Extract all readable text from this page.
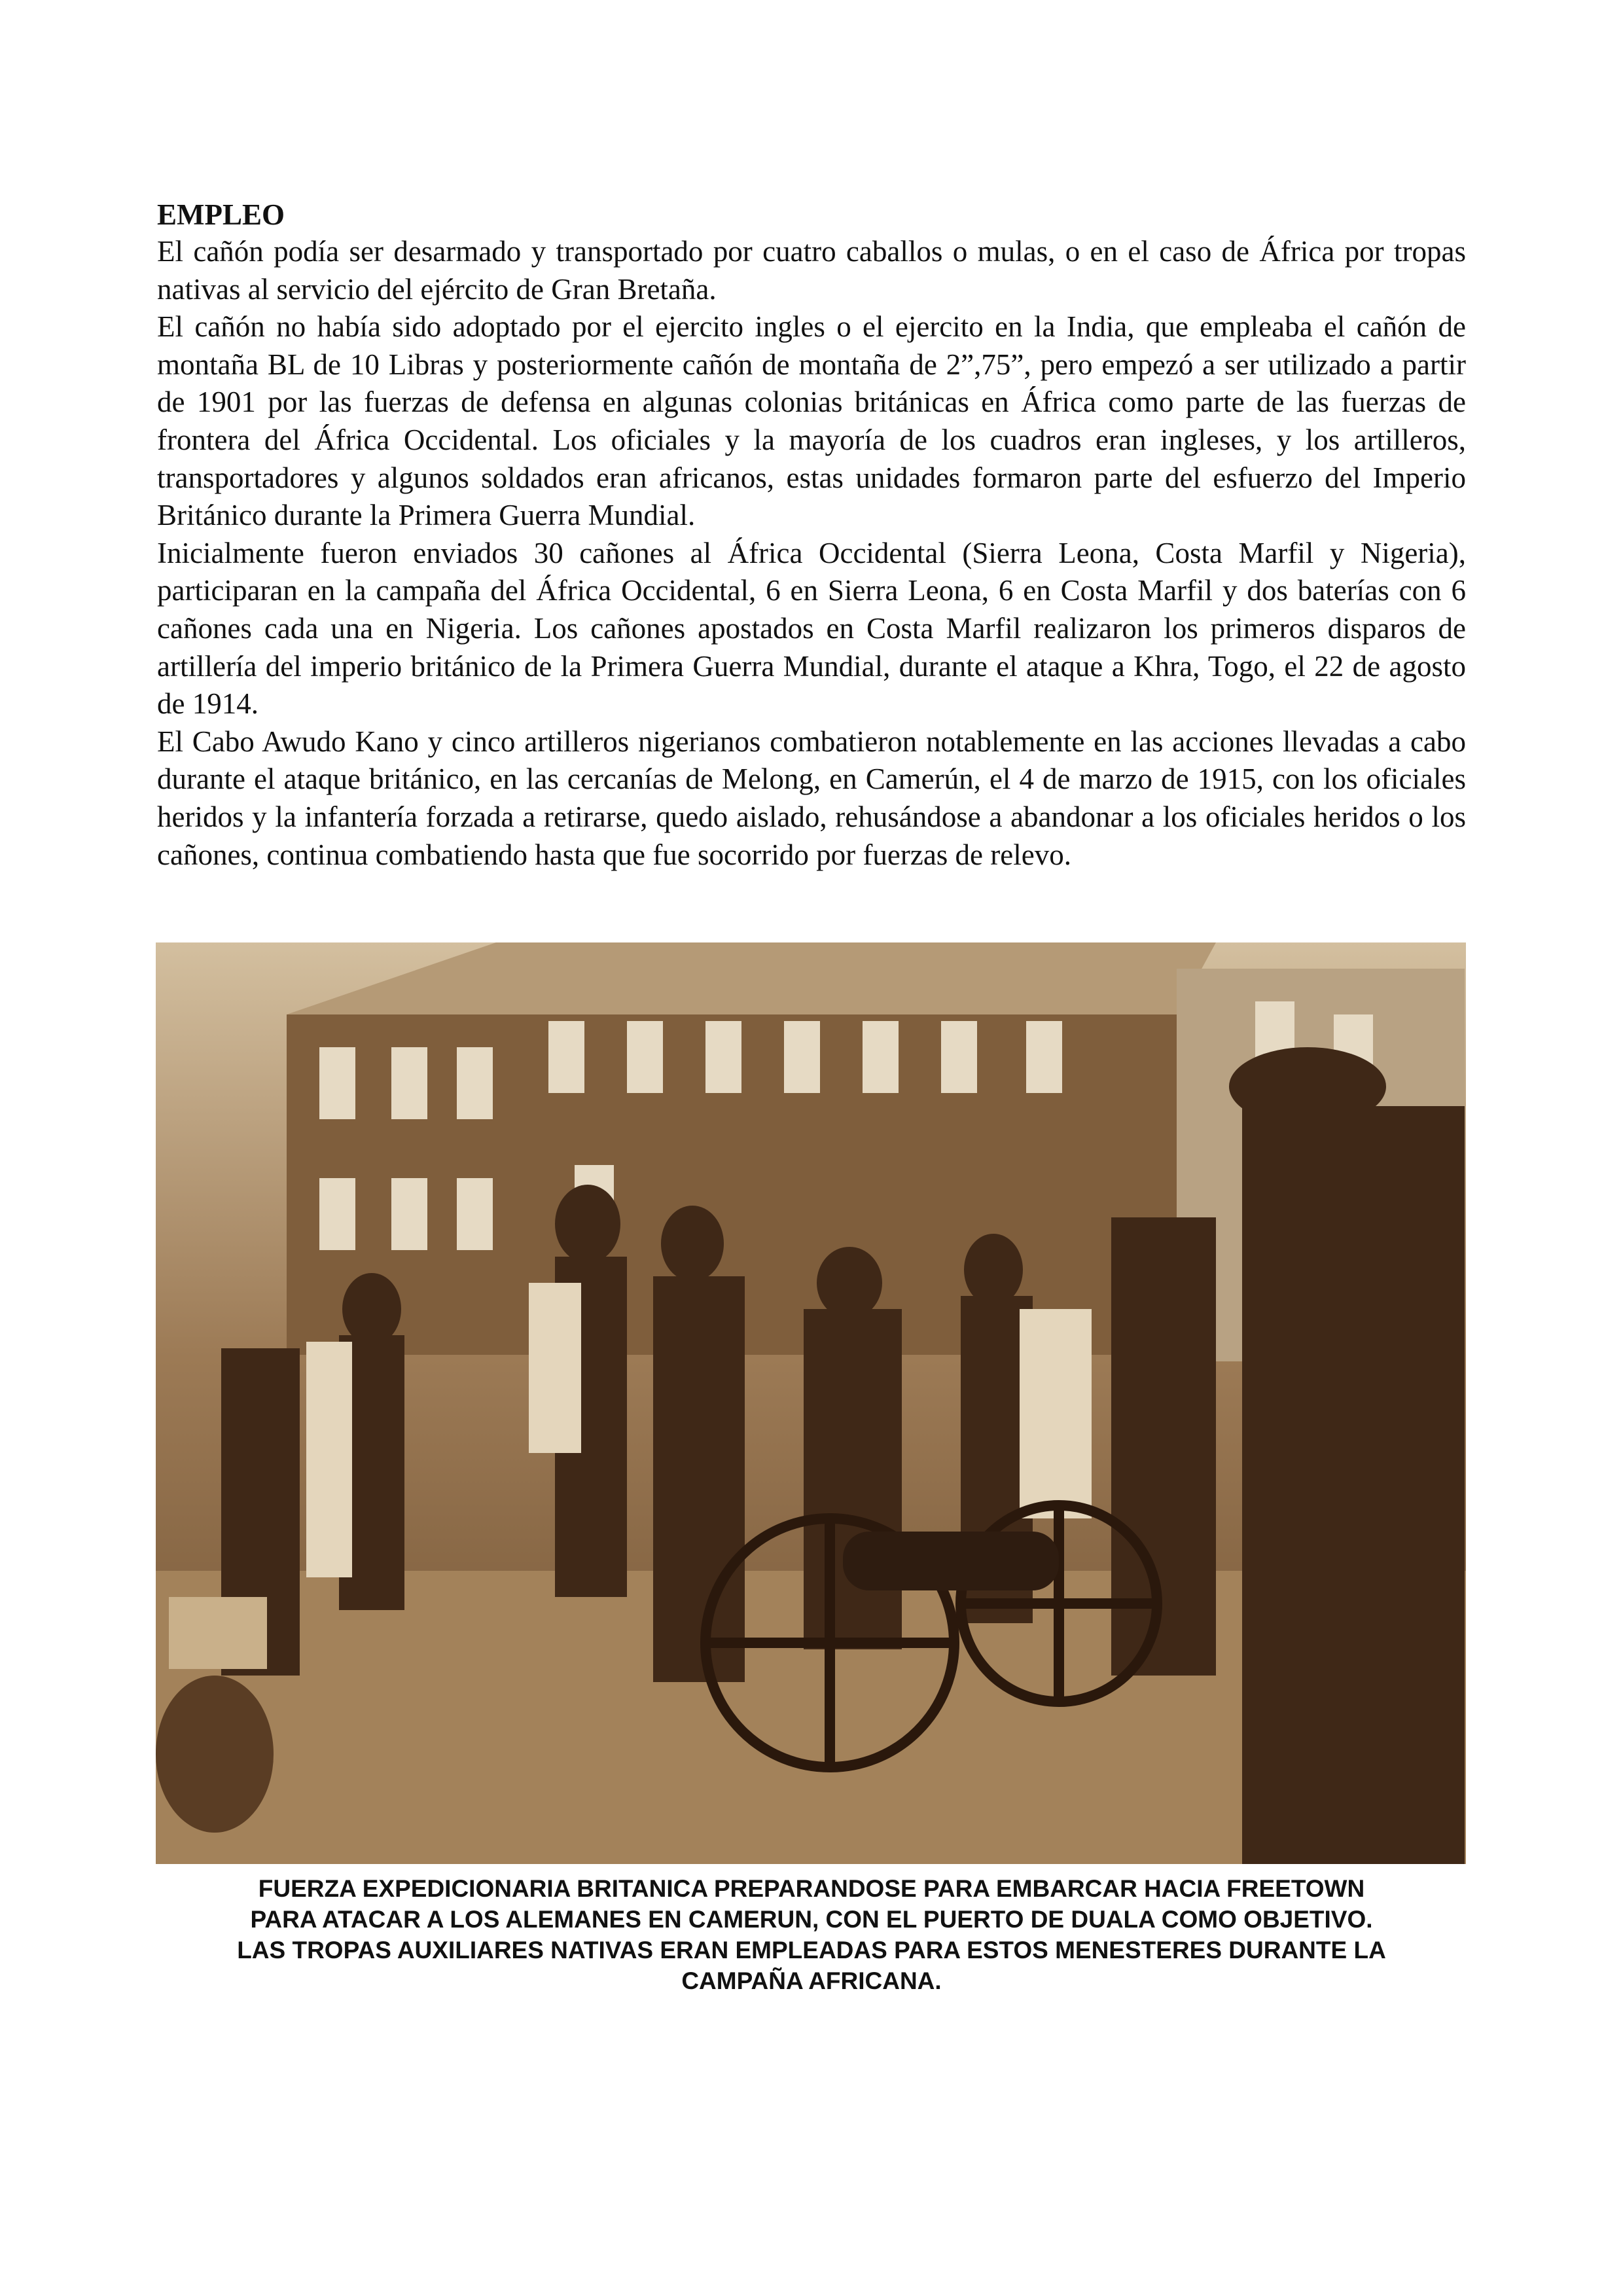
EMPLEO

El cañón podía ser desarmado y transportado por cuatro caballos o mulas, o en el caso de África por tropas nativas al servicio del ejército de Gran Bretaña.

El cañón no había sido adoptado por el ejercito ingles o el ejercito en la India, que empleaba el cañón de montaña BL de 10 Libras y posteriormente cañón de montaña de 2”,75”, pero empezó a ser utilizado a partir de 1901 por las fuerzas de defensa en algunas colonias británicas en África como parte de las fuerzas de frontera del África Occidental. Los oficiales y la mayoría de los cuadros eran ingleses, y los artilleros, transportadores y algunos soldados eran africanos, estas unidades formaron parte del esfuerzo del Imperio Británico durante la Primera Guerra Mundial.

Inicialmente fueron enviados 30 cañones al África Occidental (Sierra Leona, Costa Marfil y Nigeria), participaran en la campaña del África Occidental, 6 en Sierra Leona, 6 en Costa Marfil y dos baterías con 6 cañones cada una en Nigeria. Los cañones apostados en Costa Marfil realizaron los primeros disparos de artillería del imperio británico de la Primera Guerra Mundial, durante el ataque a Khra, Togo, el 22 de agosto de 1914.

El Cabo Awudo Kano y cinco artilleros nigerianos combatieron notablemente en las acciones llevadas a cabo durante el ataque británico, en las cercanías de Melong, en Camerún, el 4 de marzo de 1915, con los oficiales heridos y la infantería forzada a retirarse, quedo aislado, rehusándose a abandonar a los oficiales heridos o los cañones, continua combatiendo hasta que fue socorrido por fuerzas de relevo.

FUERZA EXPEDICIONARIA BRITANICA PREPARANDOSE PARA EMBARCAR HACIA FREETOWN
PARA ATACAR A LOS ALEMANES EN CAMERUN, CON EL PUERTO DE DUALA COMO OBJETIVO.
LAS TROPAS AUXILIARES NATIVAS ERAN EMPLEADAS PARA ESTOS MENESTERES DURANTE LA
CAMPAÑA AFRICANA.
